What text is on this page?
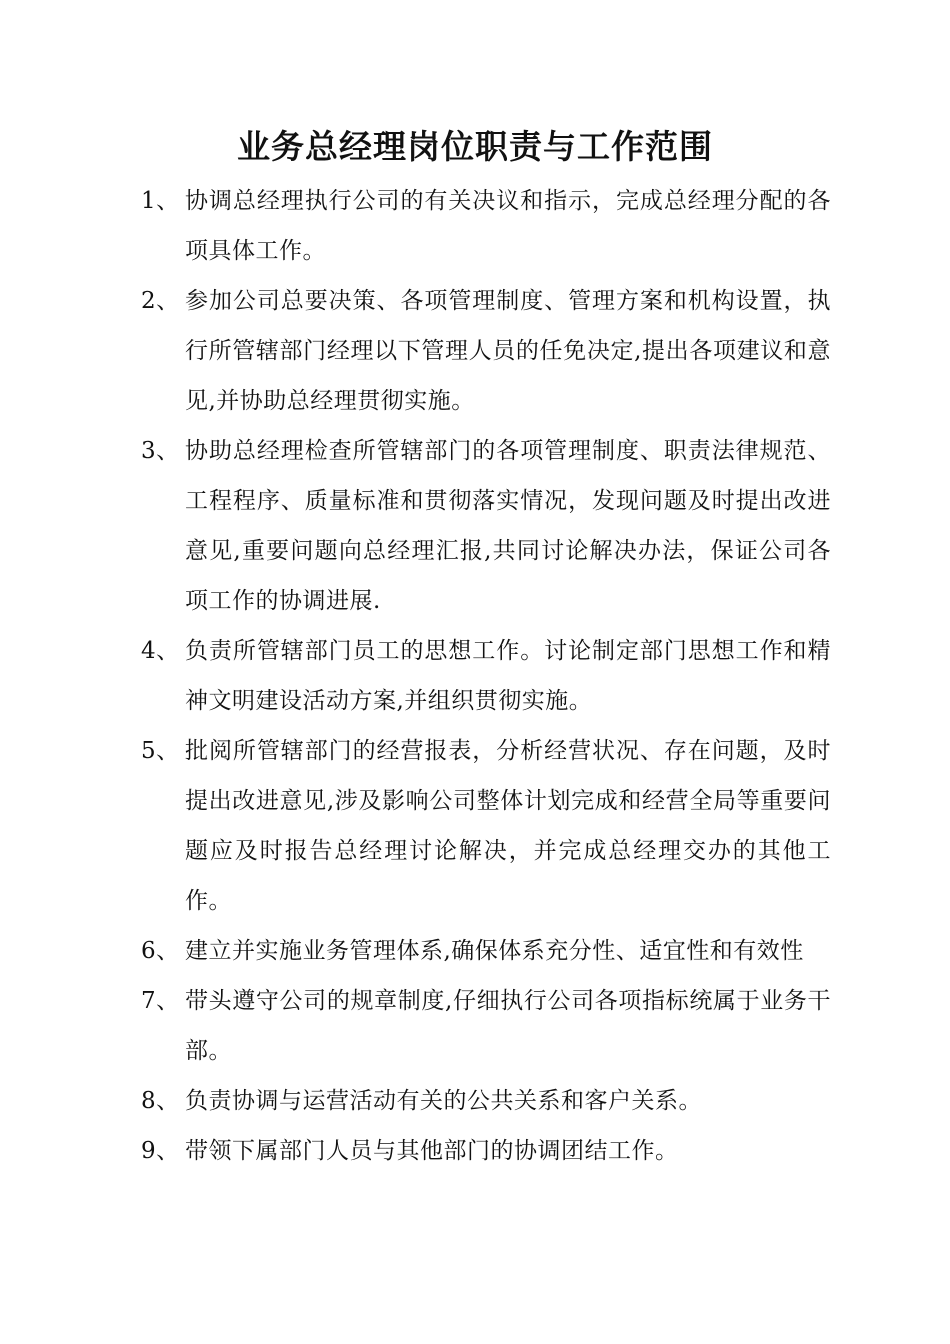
业务总经理岗位职责与工作范围
1、 协调总经理执行公司的有关决议和指示，完成总经理分配的各项具体工作。
2、 参加公司总要决策、各项管理制度、管理方案和机构设置，执行所管辖部门经理以下管理人员的任免决定,提出各项建议和意见,并协助总经理贯彻实施。
3、 协助总经理检查所管辖部门的各项管理制度、职责法律规范、工程程序、质量标准和贯彻落实情况，发现问题及时提出改进意见,重要问题向总经理汇报,共同讨论解决办法，保证公司各项工作的协调进展.
4、 负责所管辖部门员工的思想工作。讨论制定部门思想工作和精神文明建设活动方案,并组织贯彻实施。
5、 批阅所管辖部门的经营报表，分析经营状况、存在问题，及时提出改进意见,涉及影响公司整体计划完成和经营全局等重要问题应及时报告总经理讨论解决，并完成总经理交办的其他工作。
6、 建立并实施业务管理体系,确保体系充分性、适宜性和有效性
7、 带头遵守公司的规章制度,仔细执行公司各项指标统属于业务干部。
8、 负责协调与运营活动有关的公共关系和客户关系。
9、 带领下属部门人员与其他部门的协调团结工作。
